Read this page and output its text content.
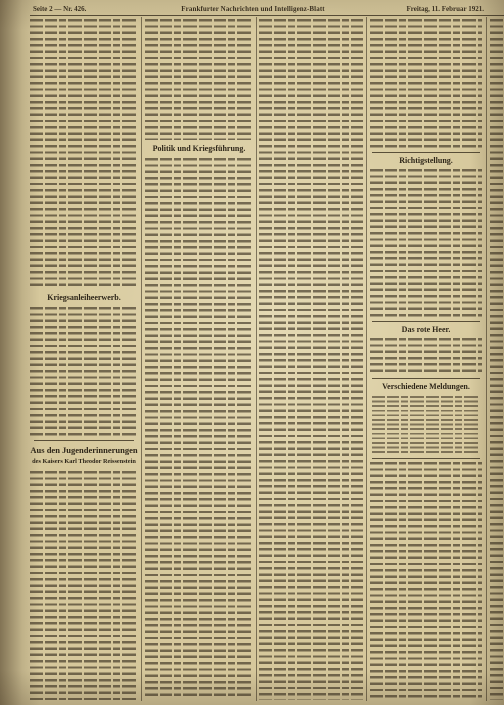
Seite 2 — Nr. 426.	Frankfurter Nachrichten und Intelligenz-Blatt	Freitag, 11. Februar 1921.
Kriegsanleiheerwerb.
Aus den Jugenderinnerungen
des Kaisers Karl Theodor Reissenstein
Politik und Kriegsführung.
Richtigstellung.
Das rote Heer.
Verschiedene Meldungen.
